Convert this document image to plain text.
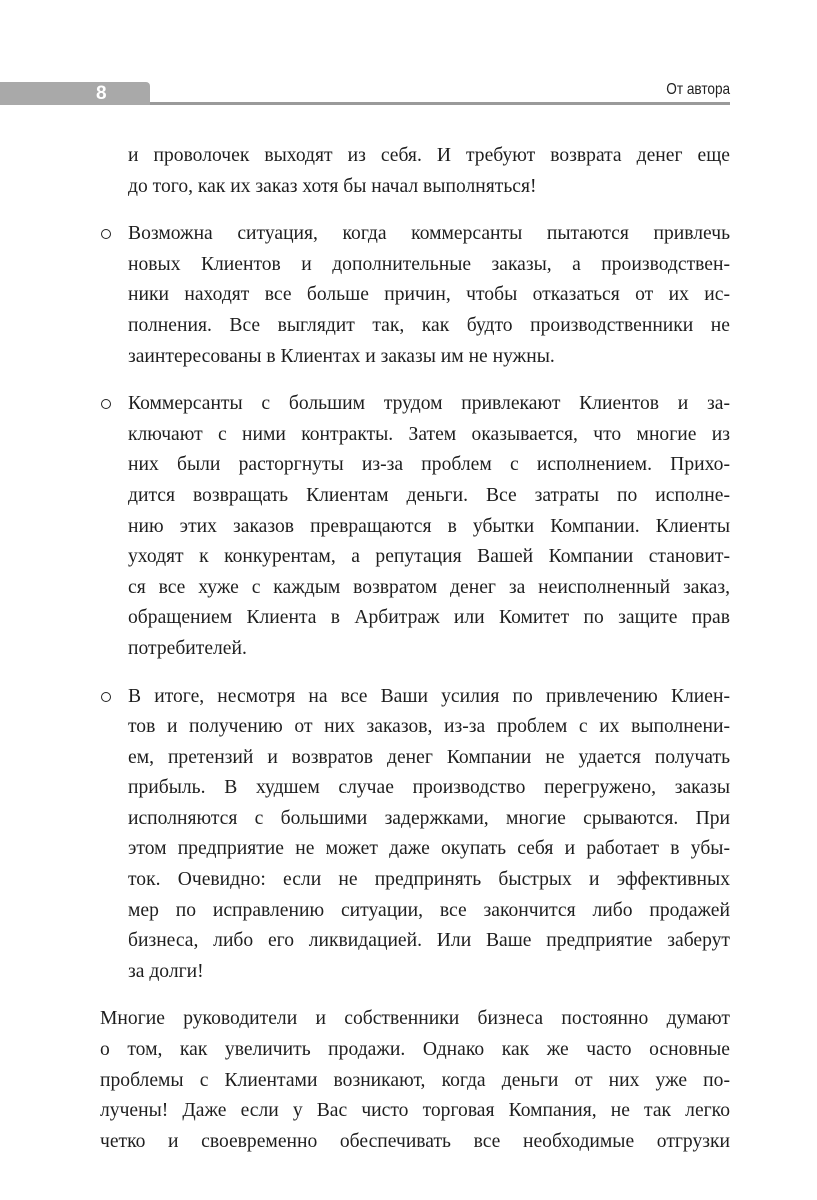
8	От автора
и проволочек выходят из себя. И требуют возврата денег еще
до того, как их заказ хотя бы начал выполняться!
Возможна ситуация, когда коммерсанты пытаются привлечь
новых Клиентов и дополнительные заказы, а производствен-
ники находят все больше причин, чтобы отказаться от их ис-
полнения. Все выглядит так, как будто производственники не
заинтересованы в Клиентах и заказы им не нужны.
Коммерсанты с большим трудом привлекают Клиентов и за-
ключают с ними контракты. Затем оказывается, что многие из
них были расторгнуты из-за проблем с исполнением. Прихо-
дится возвращать Клиентам деньги. Все затраты по исполне-
нию этих заказов превращаются в убытки Компании. Клиенты
уходят к конкурентам, а репутация Вашей Компании становит-
ся все хуже с каждым возвратом денег за неисполненный заказ,
обращением Клиента в Арбитраж или Комитет по защите прав
потребителей.
В итоге, несмотря на все Ваши усилия по привлечению Клиен-
тов и получению от них заказов, из-за проблем с их выполнени-
ем, претензий и возвратов денег Компании не удается получать
прибыль. В худшем случае производство перегружено, заказы
исполняются с большими задержками, многие срываются. При
этом предприятие не может даже окупать себя и работает в убы-
ток. Очевидно: если не предпринять быстрых и эффективных
мер по исправлению ситуации, все закончится либо продажей
бизнеса, либо его ликвидацией. Или Ваше предприятие заберут
за долги!
Многие руководители и собственники бизнеса постоянно думают
о том, как увеличить продажи. Однако как же часто основные
проблемы с Клиентами возникают, когда деньги от них уже по-
лучены! Даже если у Вас чисто торговая Компания, не так легко
четко и своевременно обеспечивать все необходимые отгрузки
